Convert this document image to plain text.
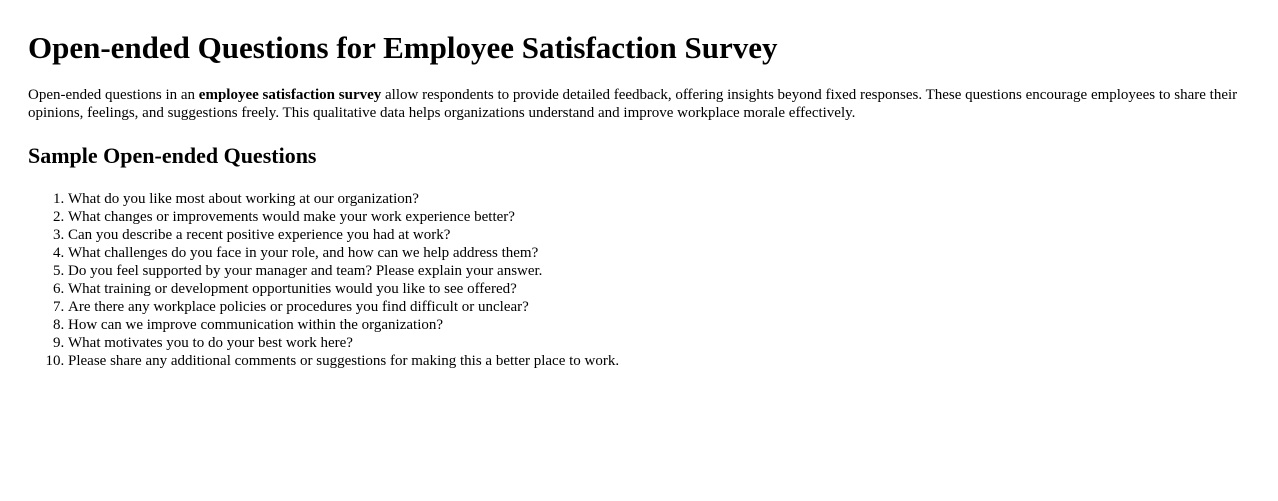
Open-ended Questions for Employee Satisfaction Survey

Open-ended questions in an employee satisfaction survey allow respondents to provide detailed feedback, offering insights beyond fixed responses. These questions encourage employees to share their opinions, feelings, and suggestions freely. This qualitative data helps organizations understand and improve workplace morale effectively.

Sample Open-ended Questions
1. What do you like most about working at our organization?
2. What changes or improvements would make your work experience better?
3. Can you describe a recent positive experience you had at work?
4. What challenges do you face in your role, and how can we help address them?
5. Do you feel supported by your manager and team? Please explain your answer.
6. What training or development opportunities would you like to see offered?
7. Are there any workplace policies or procedures you find difficult or unclear?
8. How can we improve communication within the organization?
9. What motivates you to do your best work here?
10. Please share any additional comments or suggestions for making this a better place to work.
